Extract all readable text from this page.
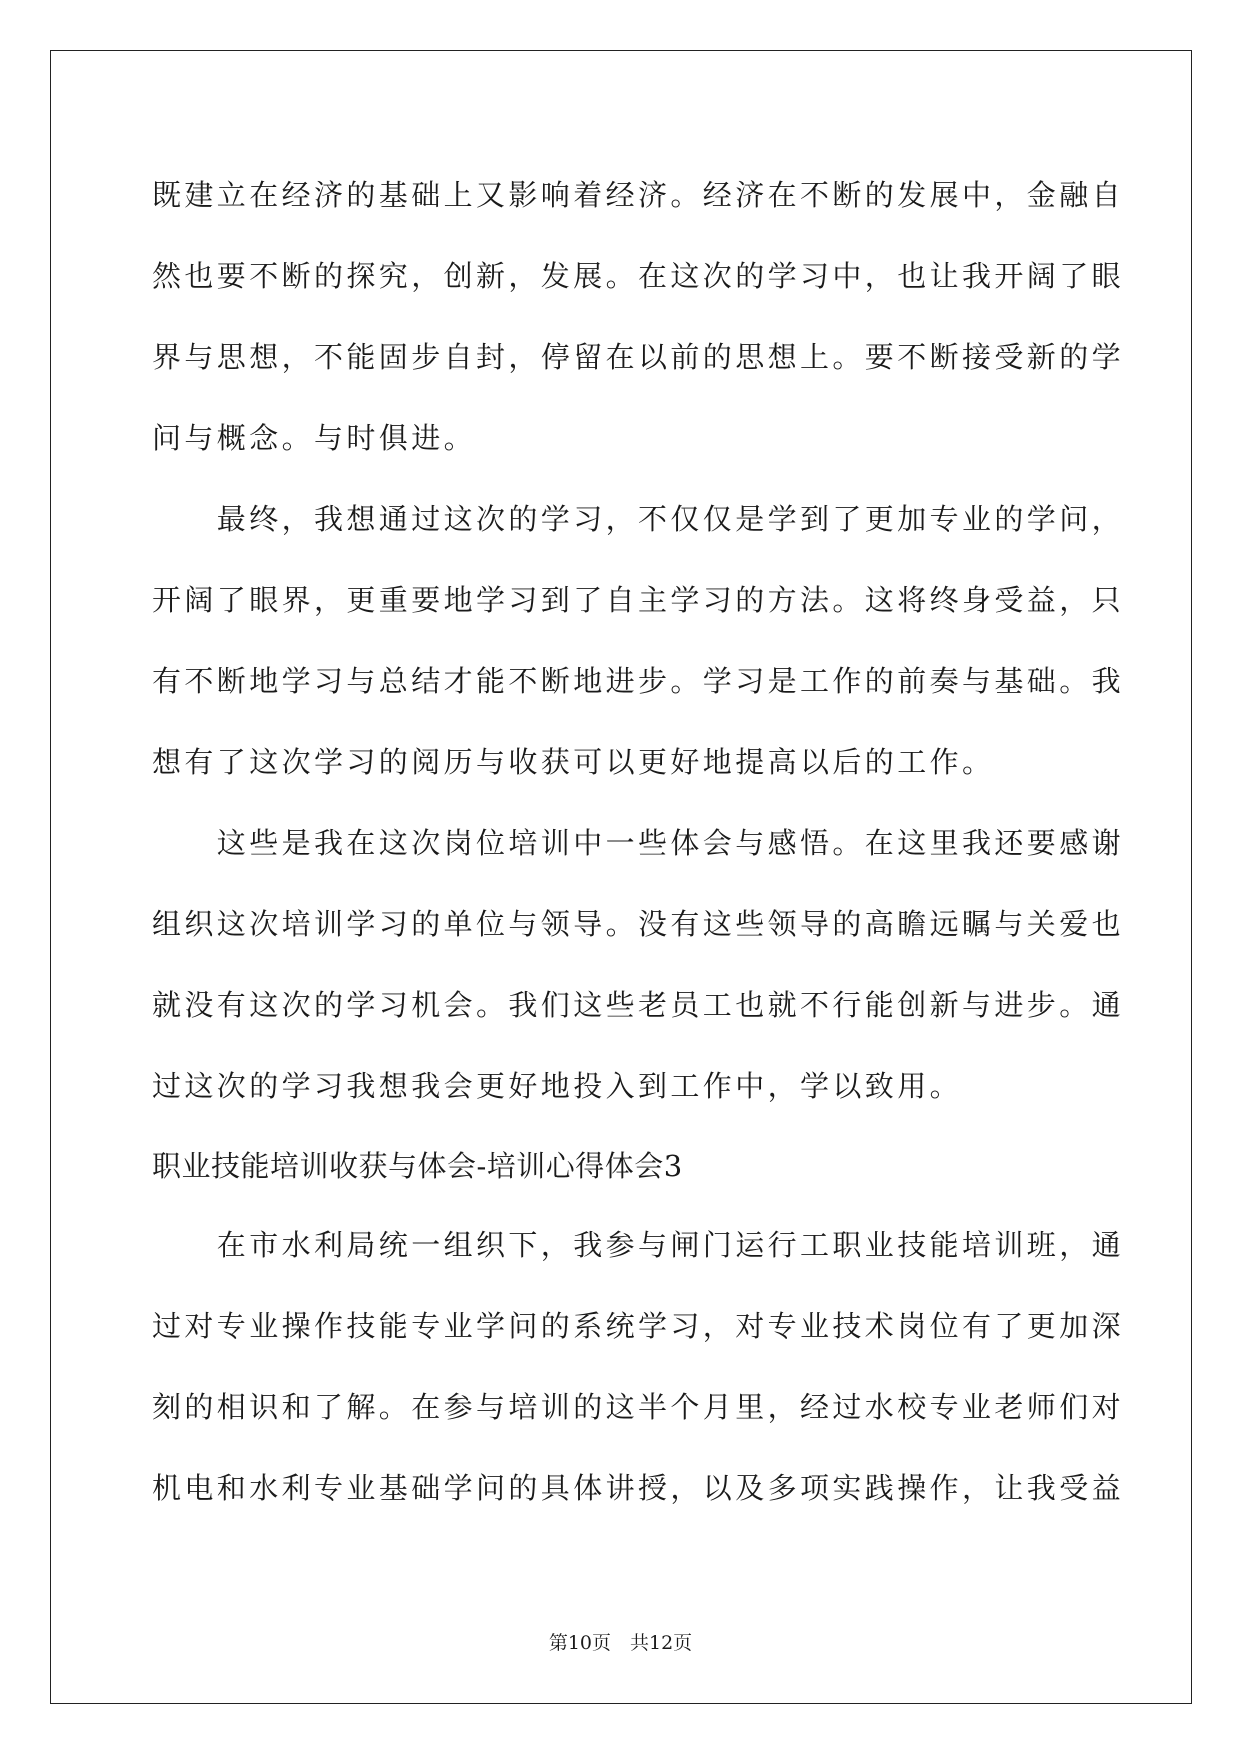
既建立在经济的基础上又影响着经济。经济在不断的发展中，金融自
然也要不断的探究，创新，发展。在这次的学习中，也让我开阔了眼
界与思想，不能固步自封，停留在以前的思想上。要不断接受新的学
问与概念。与时俱进。
　　最终，我想通过这次的学习，不仅仅是学到了更加专业的学问，
开阔了眼界，更重要地学习到了自主学习的方法。这将终身受益，只
有不断地学习与总结才能不断地进步。学习是工作的前奏与基础。我
想有了这次学习的阅历与收获可以更好地提高以后的工作。
　　这些是我在这次岗位培训中一些体会与感悟。在这里我还要感谢
组织这次培训学习的单位与领导。没有这些领导的高瞻远瞩与关爱也
就没有这次的学习机会。我们这些老员工也就不行能创新与进步。通
过这次的学习我想我会更好地投入到工作中，学以致用。
职业技能培训收获与体会-培训心得体会3
　　在市水利局统一组织下，我参与闸门运行工职业技能培训班，通
过对专业操作技能专业学问的系统学习，对专业技术岗位有了更加深
刻的相识和了解。在参与培训的这半个月里，经过水校专业老师们对
机电和水利专业基础学问的具体讲授，以及多项实践操作，让我受益
第10页　共12页
